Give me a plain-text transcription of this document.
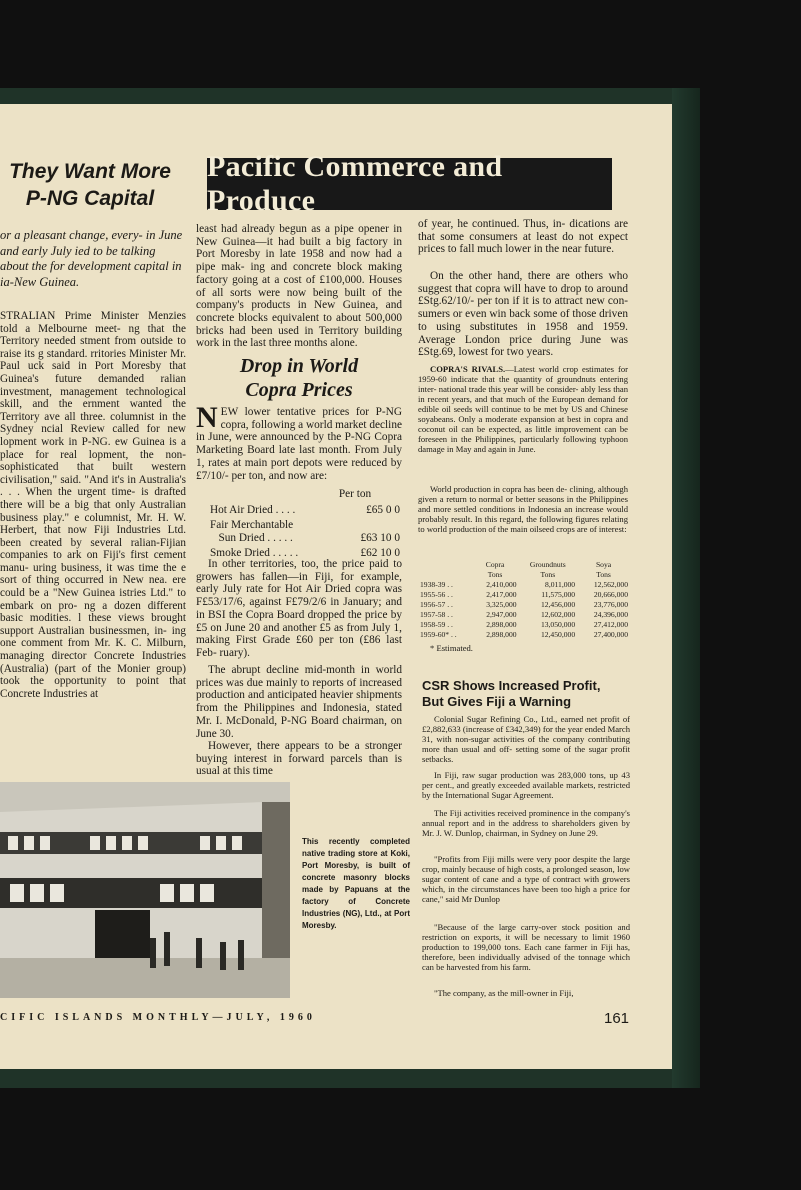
They Want More
P-NG Capital
or a pleasant change, every- in June and early July ied to be talking about the for development capital in ia-New Guinea.
STRALIAN Prime Minister Menzies told a Melbourne meet- ng that the Territory needed stment from outside to raise its g standard. rritories Minister Mr. Paul uck said in Port Moresby that Guinea's future demanded ralian investment, management technological skill, and the ernment wanted the Territory ave all three. columnist in the Sydney ncial Review called for new lopment work in P-NG. ew Guinea is a place for real lopment, the non-sophisticated that built western civilisation," said. "And it's in Australia's . . . When the urgent time- is drafted there will be a big that only Australian business play." e columnist, Mr. H. W. Herbert, that now Fiji Industries Ltd. been created by several ralian-Fijian companies to ark on Fiji's first cement manu- uring business, it was time the e sort of thing occurred in New nea. ere could be a "New Guinea istries Ltd." to embark on pro- ng a dozen different basic modities. l these views brought support Australian businessmen, in- ing one comment from Mr. K. C. Milburn, managing director Concrete Industries (Australia) (part of the Monier group) took the opportunity to point that Concrete Industries at
Pacific Commerce and Produce
least had already begun as a pipe opener in New Guinea—it had built a big factory in Port Moresby in late 1958 and now had a pipe mak- ing and concrete block making factory going at a cost of £100,000. Houses of all sorts were now being built of the company's products in New Guinea, and concrete blocks equivalent to about 500,000 bricks had been used in Territory building work in the last three months alone.
Drop in World
Copra Prices
NEW lower tentative prices for P-NG copra, following a world market decline in June, were announced by the P-NG Copra Marketing Board late last month. From July 1, rates at main port depots were reduced by £7/10/- per ton, and now are:
Per ton
Hot Air Dried . . . .	£65 0 0
Fair Merchantable
Sun Dried . . . . .	£63 10 0
Smoke Dried . . . . .	£62 10 0
In other territories, too, the price paid to growers has fallen—in Fiji, for example, early July rate for Hot Air Dried copra was F£53/17/6, against F£79/2/6 in January; and in BSI the Copra Board dropped the price by £5 on June 20 and another £5 as from July 1, making First Grade £60 per ton (£86 last Feb- ruary).
The abrupt decline mid-month in world prices was due mainly to reports of increased production and anticipated heavier shipments from the Philippines and Indonesia, stated Mr. I. McDonald, P-NG Board chairman, on June 30.
However, there appears to be a stronger buying interest in forward parcels than is usual at this time
of year, he continued. Thus, in- dications are that some consumers at least do not expect prices to fall much lower in the near future.
On the other hand, there are others who suggest that copra will have to drop to around £Stg.62/10/- per ton if it is to attract new con- sumers or even win back some of those driven to using substitutes in 1958 and 1959. Average London price during June was £Stg.69, lowest for two years.
COPRA'S RIVALS.—Latest world crop estimates for 1959-60 indicate that the quantity of groundnuts entering inter- national trade this year will be consider- ably less than in recent years, and that much of the European demand for edible oil seeds will continue to be met by US and Chinese soyabeans. Only a moderate expansion at best in copra and coconut oil can be expected, as little improvement can be foreseen in the Philippines, particularly following typhoon damage in May and again in June.
World production in copra has been de- clining, although given a return to normal or better seasons in the Philippines and more settled conditions in Indonesia an increase would probably result. In this regard, the following figures relating to world production of the main oilseed crops are of interest:
	Copra	Groundnuts	Soya
	Tons	Tons	Tons
1938-39 . .	2,410,000	8,011,000	12,562,000
1955-56 . .	2,417,000	11,575,000	20,666,000
1956-57 . .	3,325,000	12,456,000	23,776,000
1957-58 . .	2,947,000	12,602,000	24,396,000
1958-59 . .	2,898,000	13,050,000	27,412,000
1959-60* . .	2,898,000	12,450,000	27,400,000
* Estimated.
CSR Shows Increased Profit,
But Gives Fiji a Warning
Colonial Sugar Refining Co., Ltd., earned net profit of £2,882,633 (increase of £342,349) for the year ended March 31, with non-sugar activities of the company contributing more than usual and off- setting some of the sugar profit setbacks.
In Fiji, raw sugar production was 283,000 tons, up 43 per cent., and greatly exceeded available markets, restricted by the International Sugar Agreement.
The Fiji activities received prominence in the company's annual report and in the address to shareholders given by Mr. J. W. Dunlop, chairman, in Sydney on June 29.
"Profits from Fiji mills were very poor despite the large crop, mainly because of high costs, a prolonged season, low sugar content of cane and a type of contract with growers which, in the circumstances have been too high a price for cane," said Mr Dunlop
"Because of the large carry-over stock position and restriction on exports, it will be necessary to limit 1960 production to 199,000 tons. Each cane farmer in Fiji has, therefore, been individually advised of the tonnage which can be harvested from his farm.
"The company, as the mill-owner in Fiji,
This recently completed native trading store at Koki, Port Moresby, is built of concrete masonry blocks made by Papuans at the factory of Concrete Industries (NG), Ltd., at Port Moresby.
CIFIC ISLANDS MONTHLY—JULY, 1960	161
